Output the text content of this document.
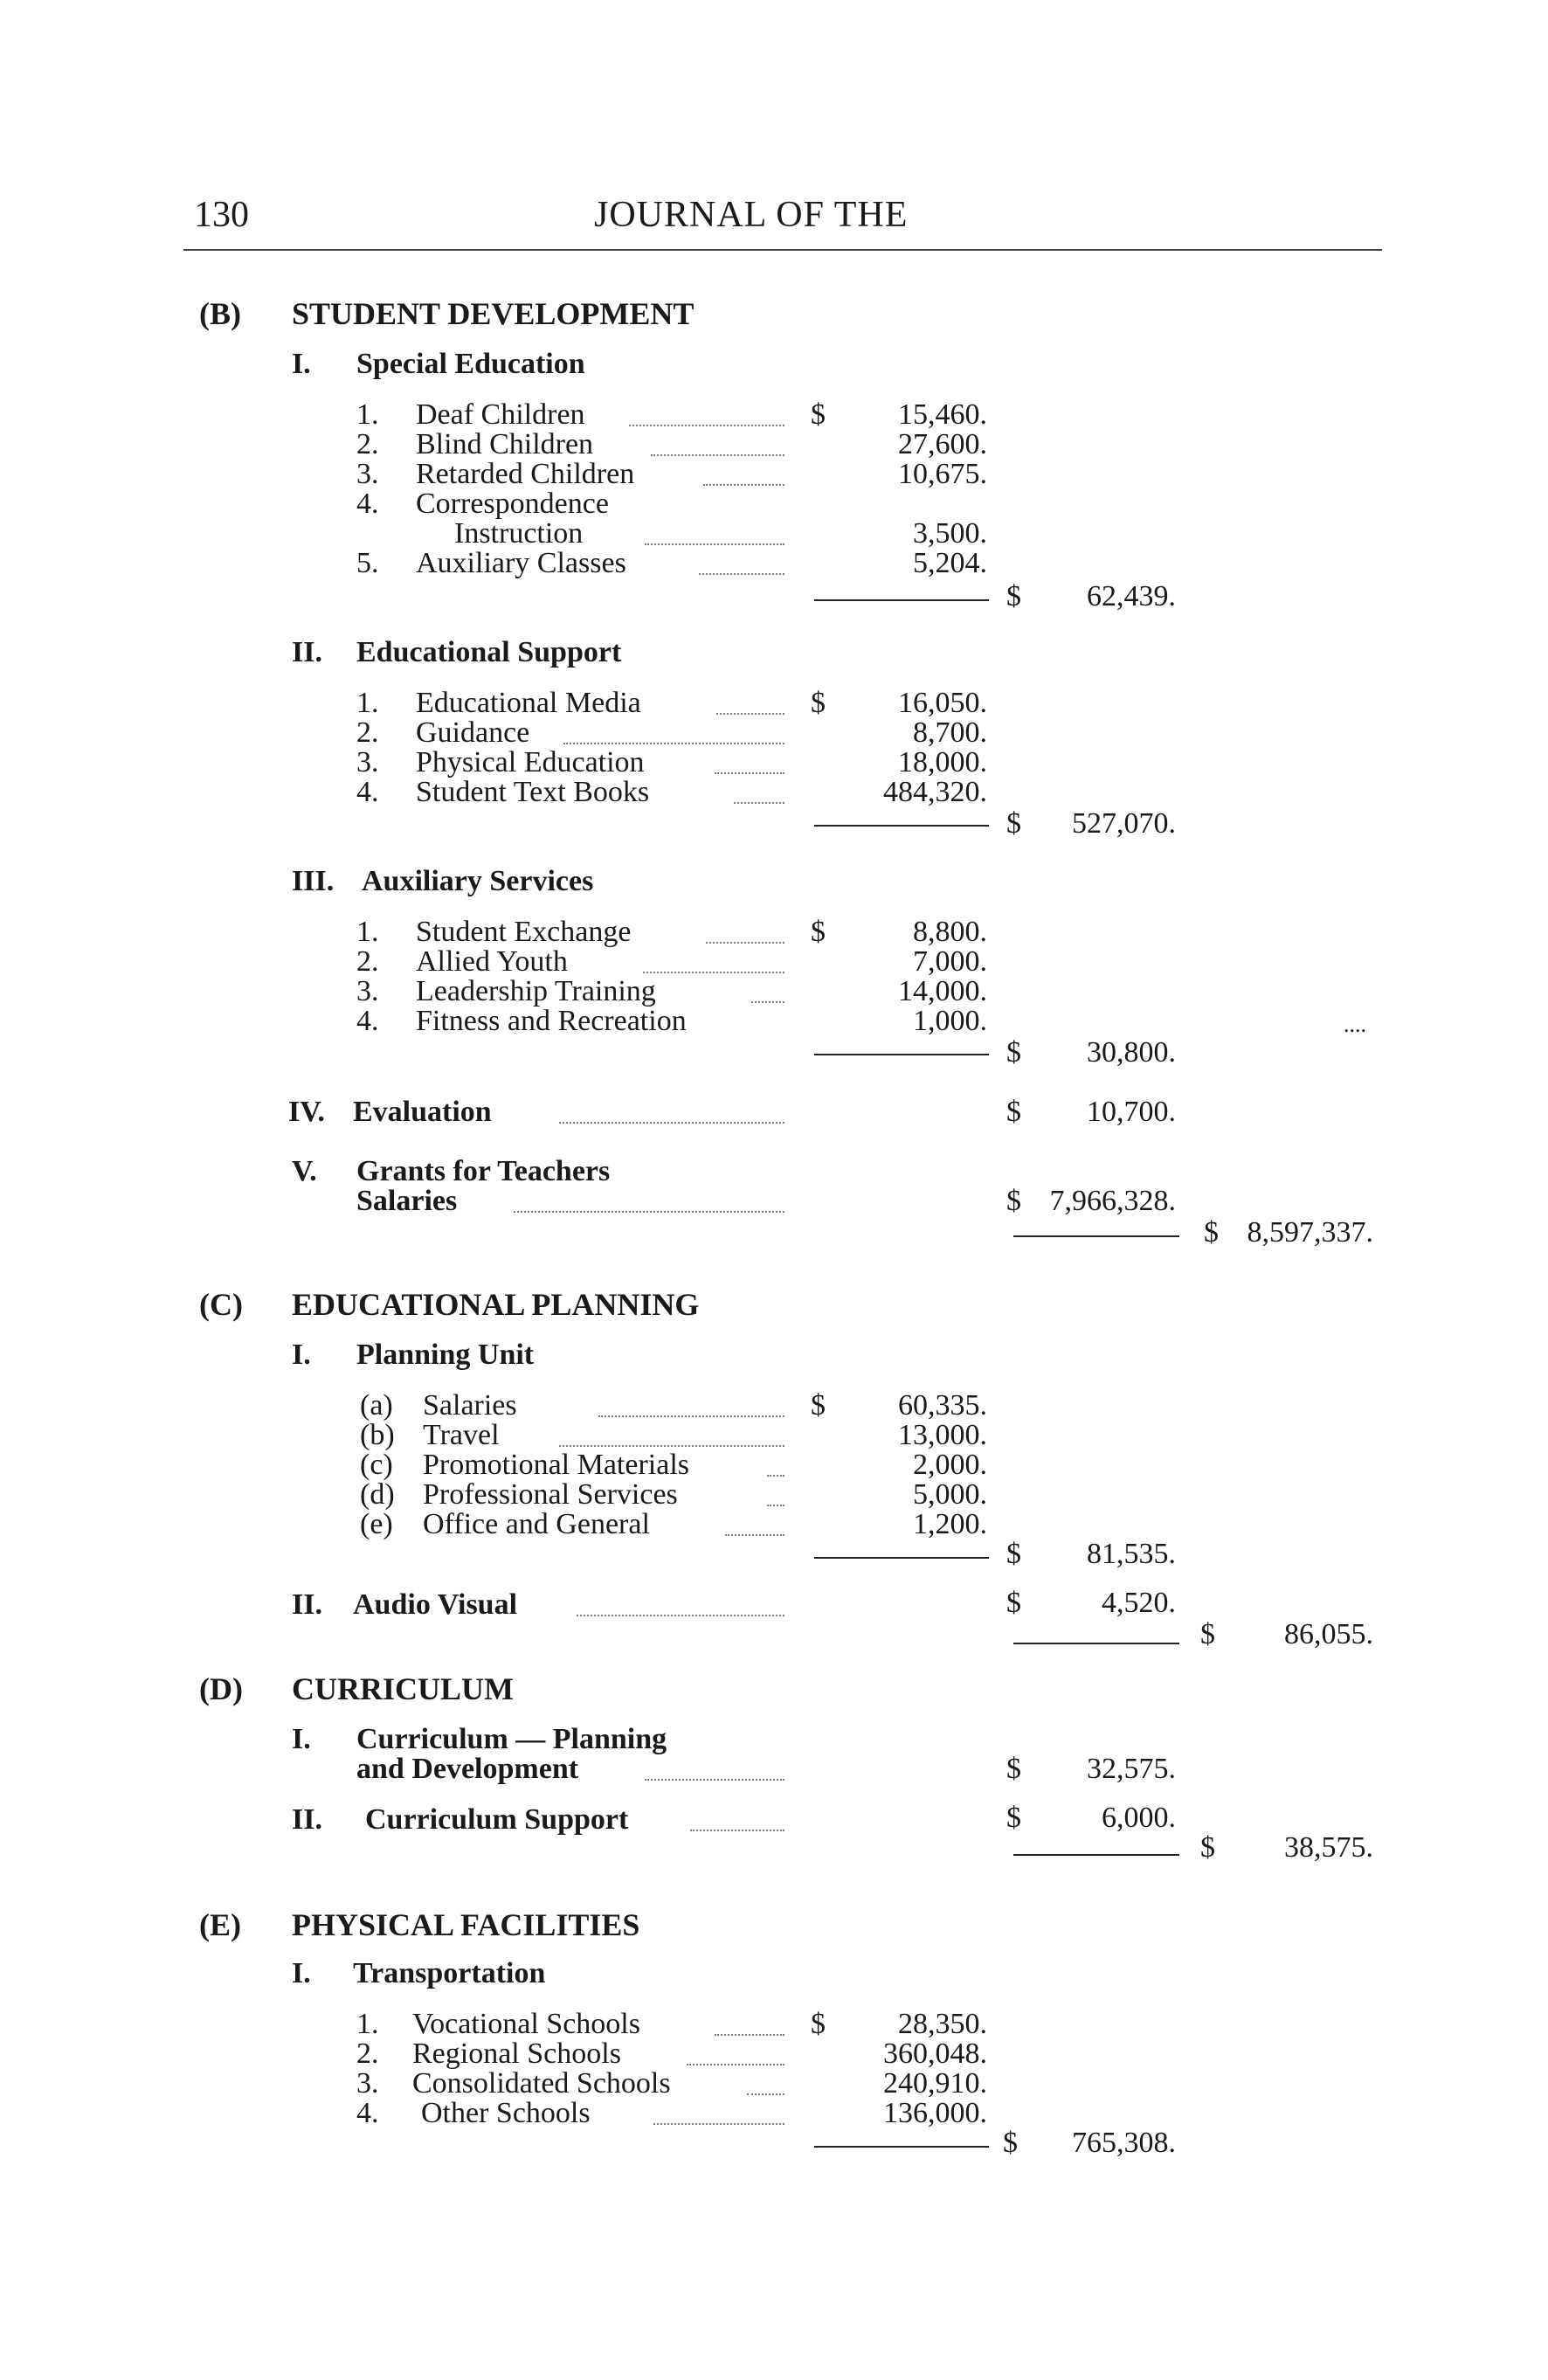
130	JOURNAL OF THE
(B) STUDENT DEVELOPMENT
I. Special Education
1. Deaf Children	$	15,460.
2. Blind Children	27,600.
3. Retarded Children	10,675.
4. Correspondence
Instruction	3,500.
5. Auxiliary Classes	5,204.
$	62,439.
II. Educational Support
1. Educational Media	$	16,050.
2. Guidance	8,700.
3. Physical Education	18,000.
4. Student Text Books	484,320.
$	527,070.
III. Auxiliary Services
1. Student Exchange	$	8,800.
2. Allied Youth	7,000.
3. Leadership Training	14,000.
4. Fitness and Recreation	1,000.
$	30,800.
....
IV. Evaluation	$	10,700.
V. Grants for Teachers
Salaries	$ 7,966,328.
$ 8,597,337.
(C) EDUCATIONAL PLANNING
I. Planning Unit
(a) Salaries	$	60,335.
(b) Travel	13,000.
(c) Promotional Materials	2,000.
(d) Professional Services	5,000.
(e) Office and General	1,200.
$	81,535.
II. Audio Visual	$	4,520.
$	86,055.
(D) CURRICULUM
I. Curriculum — Planning
and Development	$	32,575.
II. Curriculum Support	$	6,000.
$	38,575.
(E) PHYSICAL FACILITIES
I. Transportation
1. Vocational Schools	$	28,350.
2. Regional Schools	360,048.
3. Consolidated Schools	240,910.
4. Other Schools	136,000.
$	765,308.
